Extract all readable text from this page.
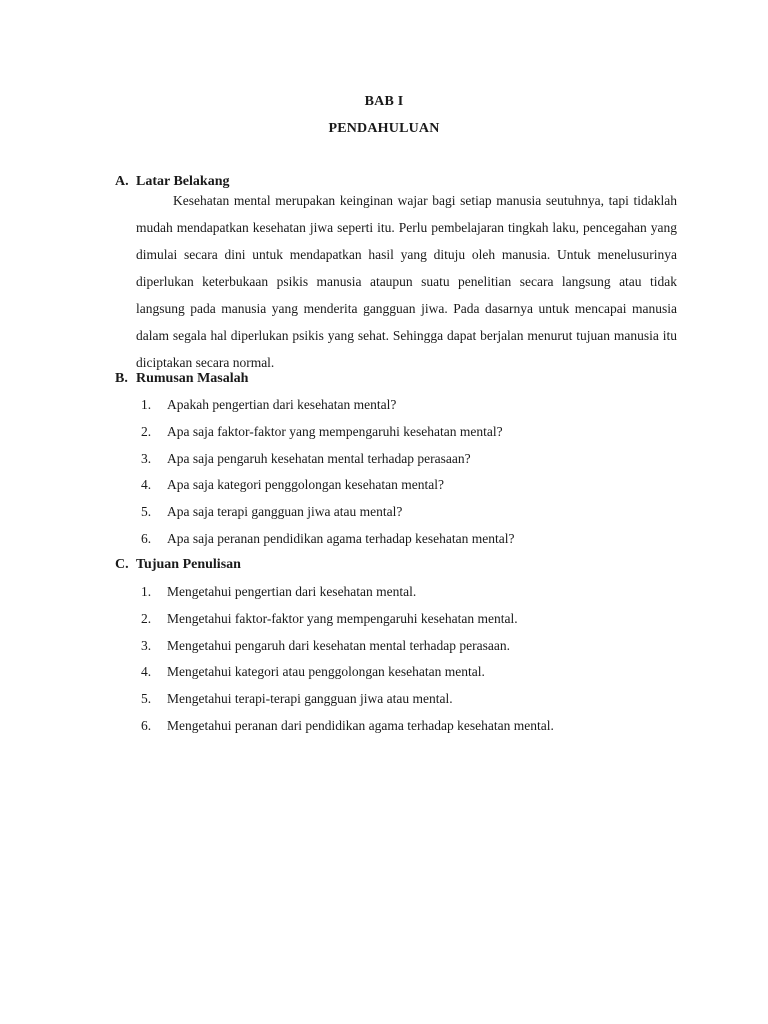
BAB I
PENDAHULUAN
A. Latar Belakang

Kesehatan mental merupakan keinginan wajar bagi setiap manusia seutuhnya, tapi tidaklah mudah mendapatkan kesehatan jiwa seperti itu. Perlu pembelajaran tingkah laku, pencegahan yang dimulai secara dini untuk mendapatkan hasil yang dituju oleh manusia. Untuk menelusurinya diperlukan keterbukaan psikis manusia ataupun suatu penelitian secara langsung atau tidak langsung pada manusia yang menderita gangguan jiwa. Pada dasarnya untuk mencapai manusia dalam segala hal diperlukan psikis yang sehat. Sehingga dapat berjalan menurut tujuan manusia itu diciptakan secara normal.

B. Rumusan Masalah
1.	Apakah pengertian dari kesehatan mental?
2.	Apa saja faktor-faktor yang mempengaruhi kesehatan mental?
3.	Apa saja pengaruh kesehatan mental terhadap perasaan?
4.	Apa saja kategori penggolongan kesehatan mental?
5.	Apa saja terapi gangguan jiwa atau mental?
6.	Apa saja peranan pendidikan agama terhadap kesehatan mental?
C. Tujuan Penulisan
1.	Mengetahui pengertian dari kesehatan mental.
2.	Mengetahui faktor-faktor yang mempengaruhi kesehatan mental.
3.	Mengetahui pengaruh dari kesehatan mental terhadap perasaan.
4.	Mengetahui kategori atau penggolongan kesehatan mental.
5.	Mengetahui terapi-terapi gangguan jiwa atau mental.
6.	Mengetahui peranan dari pendidikan agama terhadap kesehatan mental.
